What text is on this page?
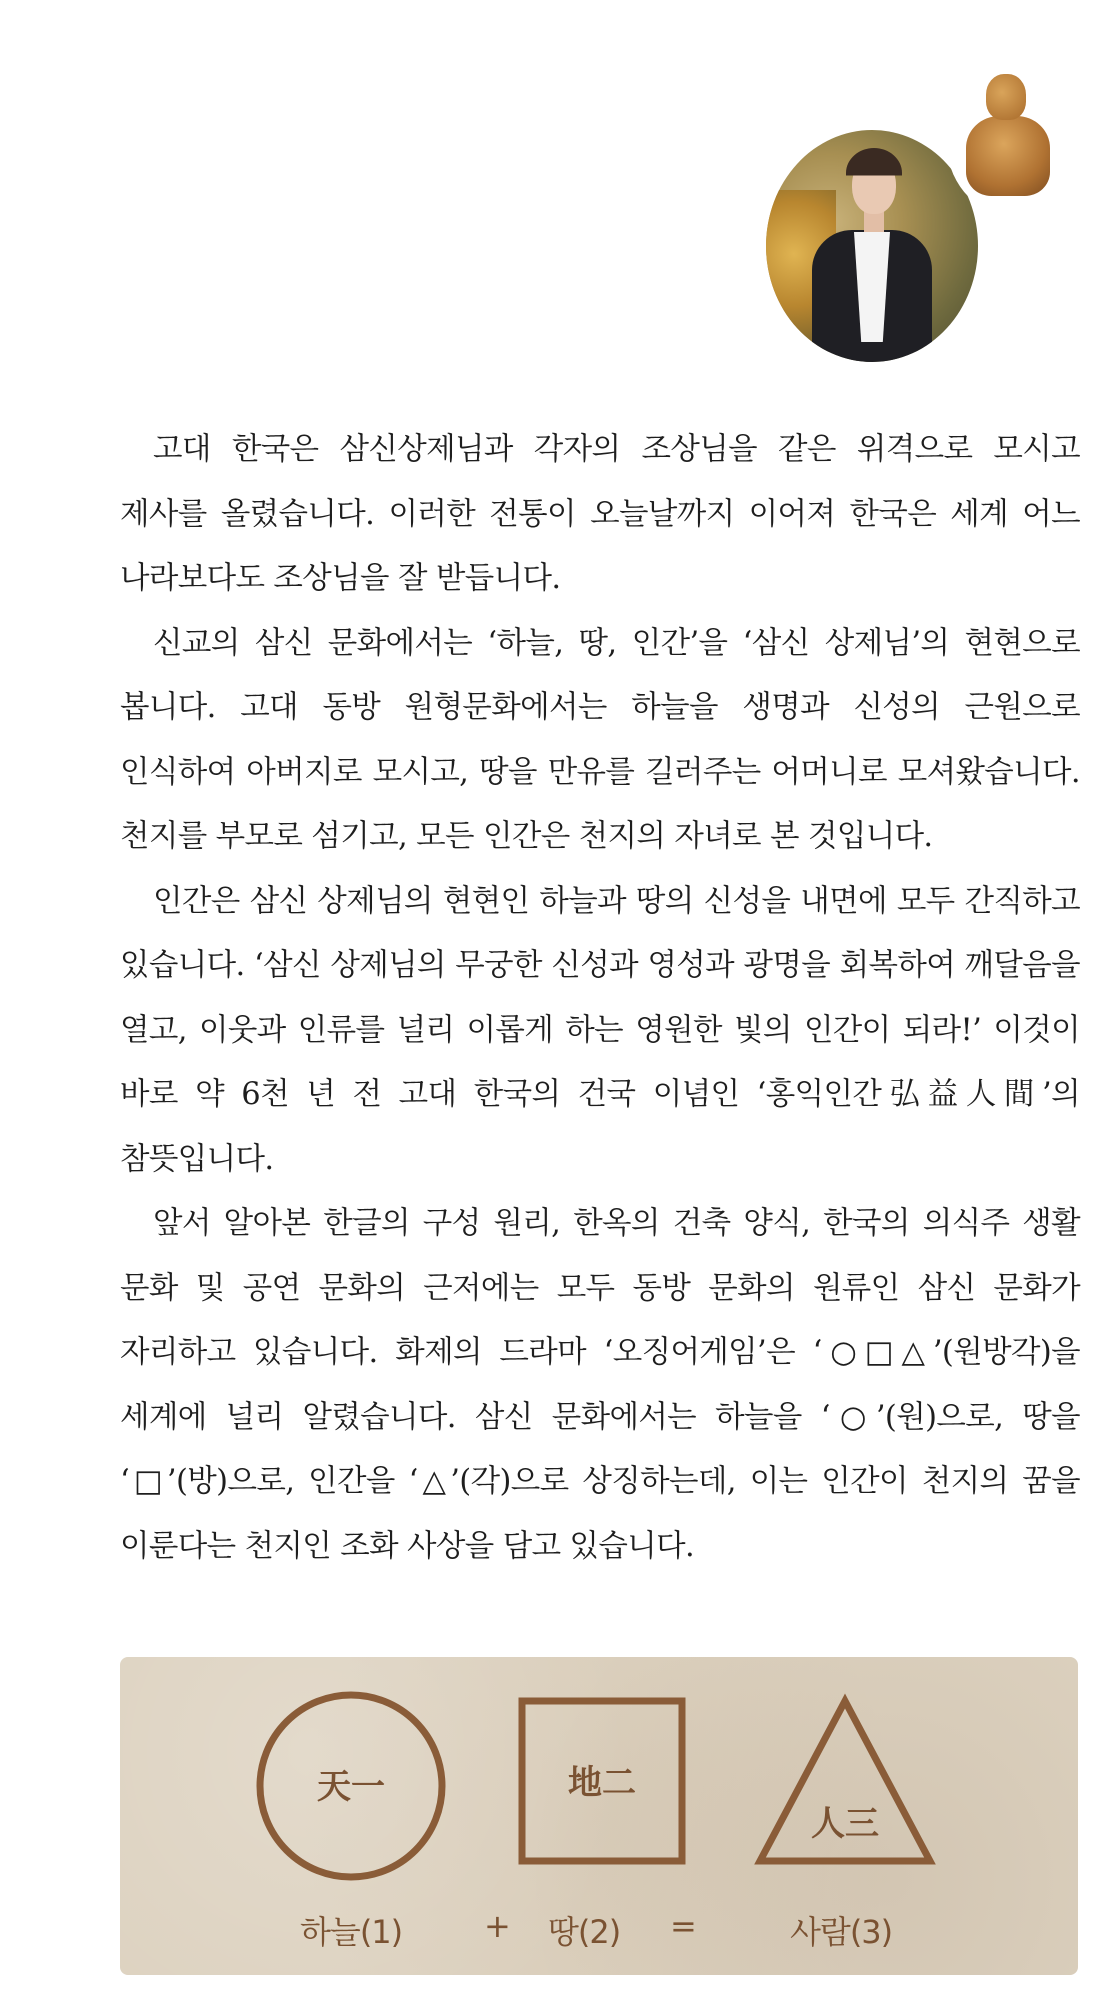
고대 한국은 삼신상제님과 각자의 조상님을 같은 위격으로 모시고 제사를 올렸습니다. 이러한 전통이 오늘날까지 이어져 한국은 세계 어느 나라보다도 조상님을 잘 받듭니다.

신교의 삼신 문화에서는 ‘하늘, 땅, 인간’을 ‘삼신 상제님’의 현현으로 봅니다. 고대 동방 원형문화에서는 하늘을 생명과 신성의 근원으로 인식하여 아버지로 모시고, 땅을 만유를 길러주는 어머니로 모셔왔습니다. 천지를 부모로 섬기고, 모든 인간은 천지의 자녀로 본 것입니다.

인간은 삼신 상제님의 현현인 하늘과 땅의 신성을 내면에 모두 간직하고 있습니다. ‘삼신 상제님의 무궁한 신성과 영성과 광명을 회복하여 깨달음을 열고, 이웃과 인류를 널리 이롭게 하는 영원한 빛의 인간이 되라!’ 이것이 바로 약 6천 년 전 고대 한국의 건국 이념인 ‘홍익인간弘益人間’의 참뜻입니다.

앞서 알아본 한글의 구성 원리, 한옥의 건축 양식, 한국의 의식주 생활 문화 및 공연 문화의 근저에는 모두 동방 문화의 원류인 삼신 문화가 자리하고 있습니다. 화제의 드라마 ‘오징어게임’은 ‘○□△’(원방각)을 세계에 널리 알렸습니다. 삼신 문화에서는 하늘을 ‘○’(원)으로, 땅을 ‘□’(방)으로, 인간을 ‘△’(각)으로 상징하는데, 이는 인간이 천지의 꿈을 이룬다는 천지인 조화 사상을 담고 있습니다.

天一	地二
人三
하늘(1)	+ 땅(2) =	사람(3)
